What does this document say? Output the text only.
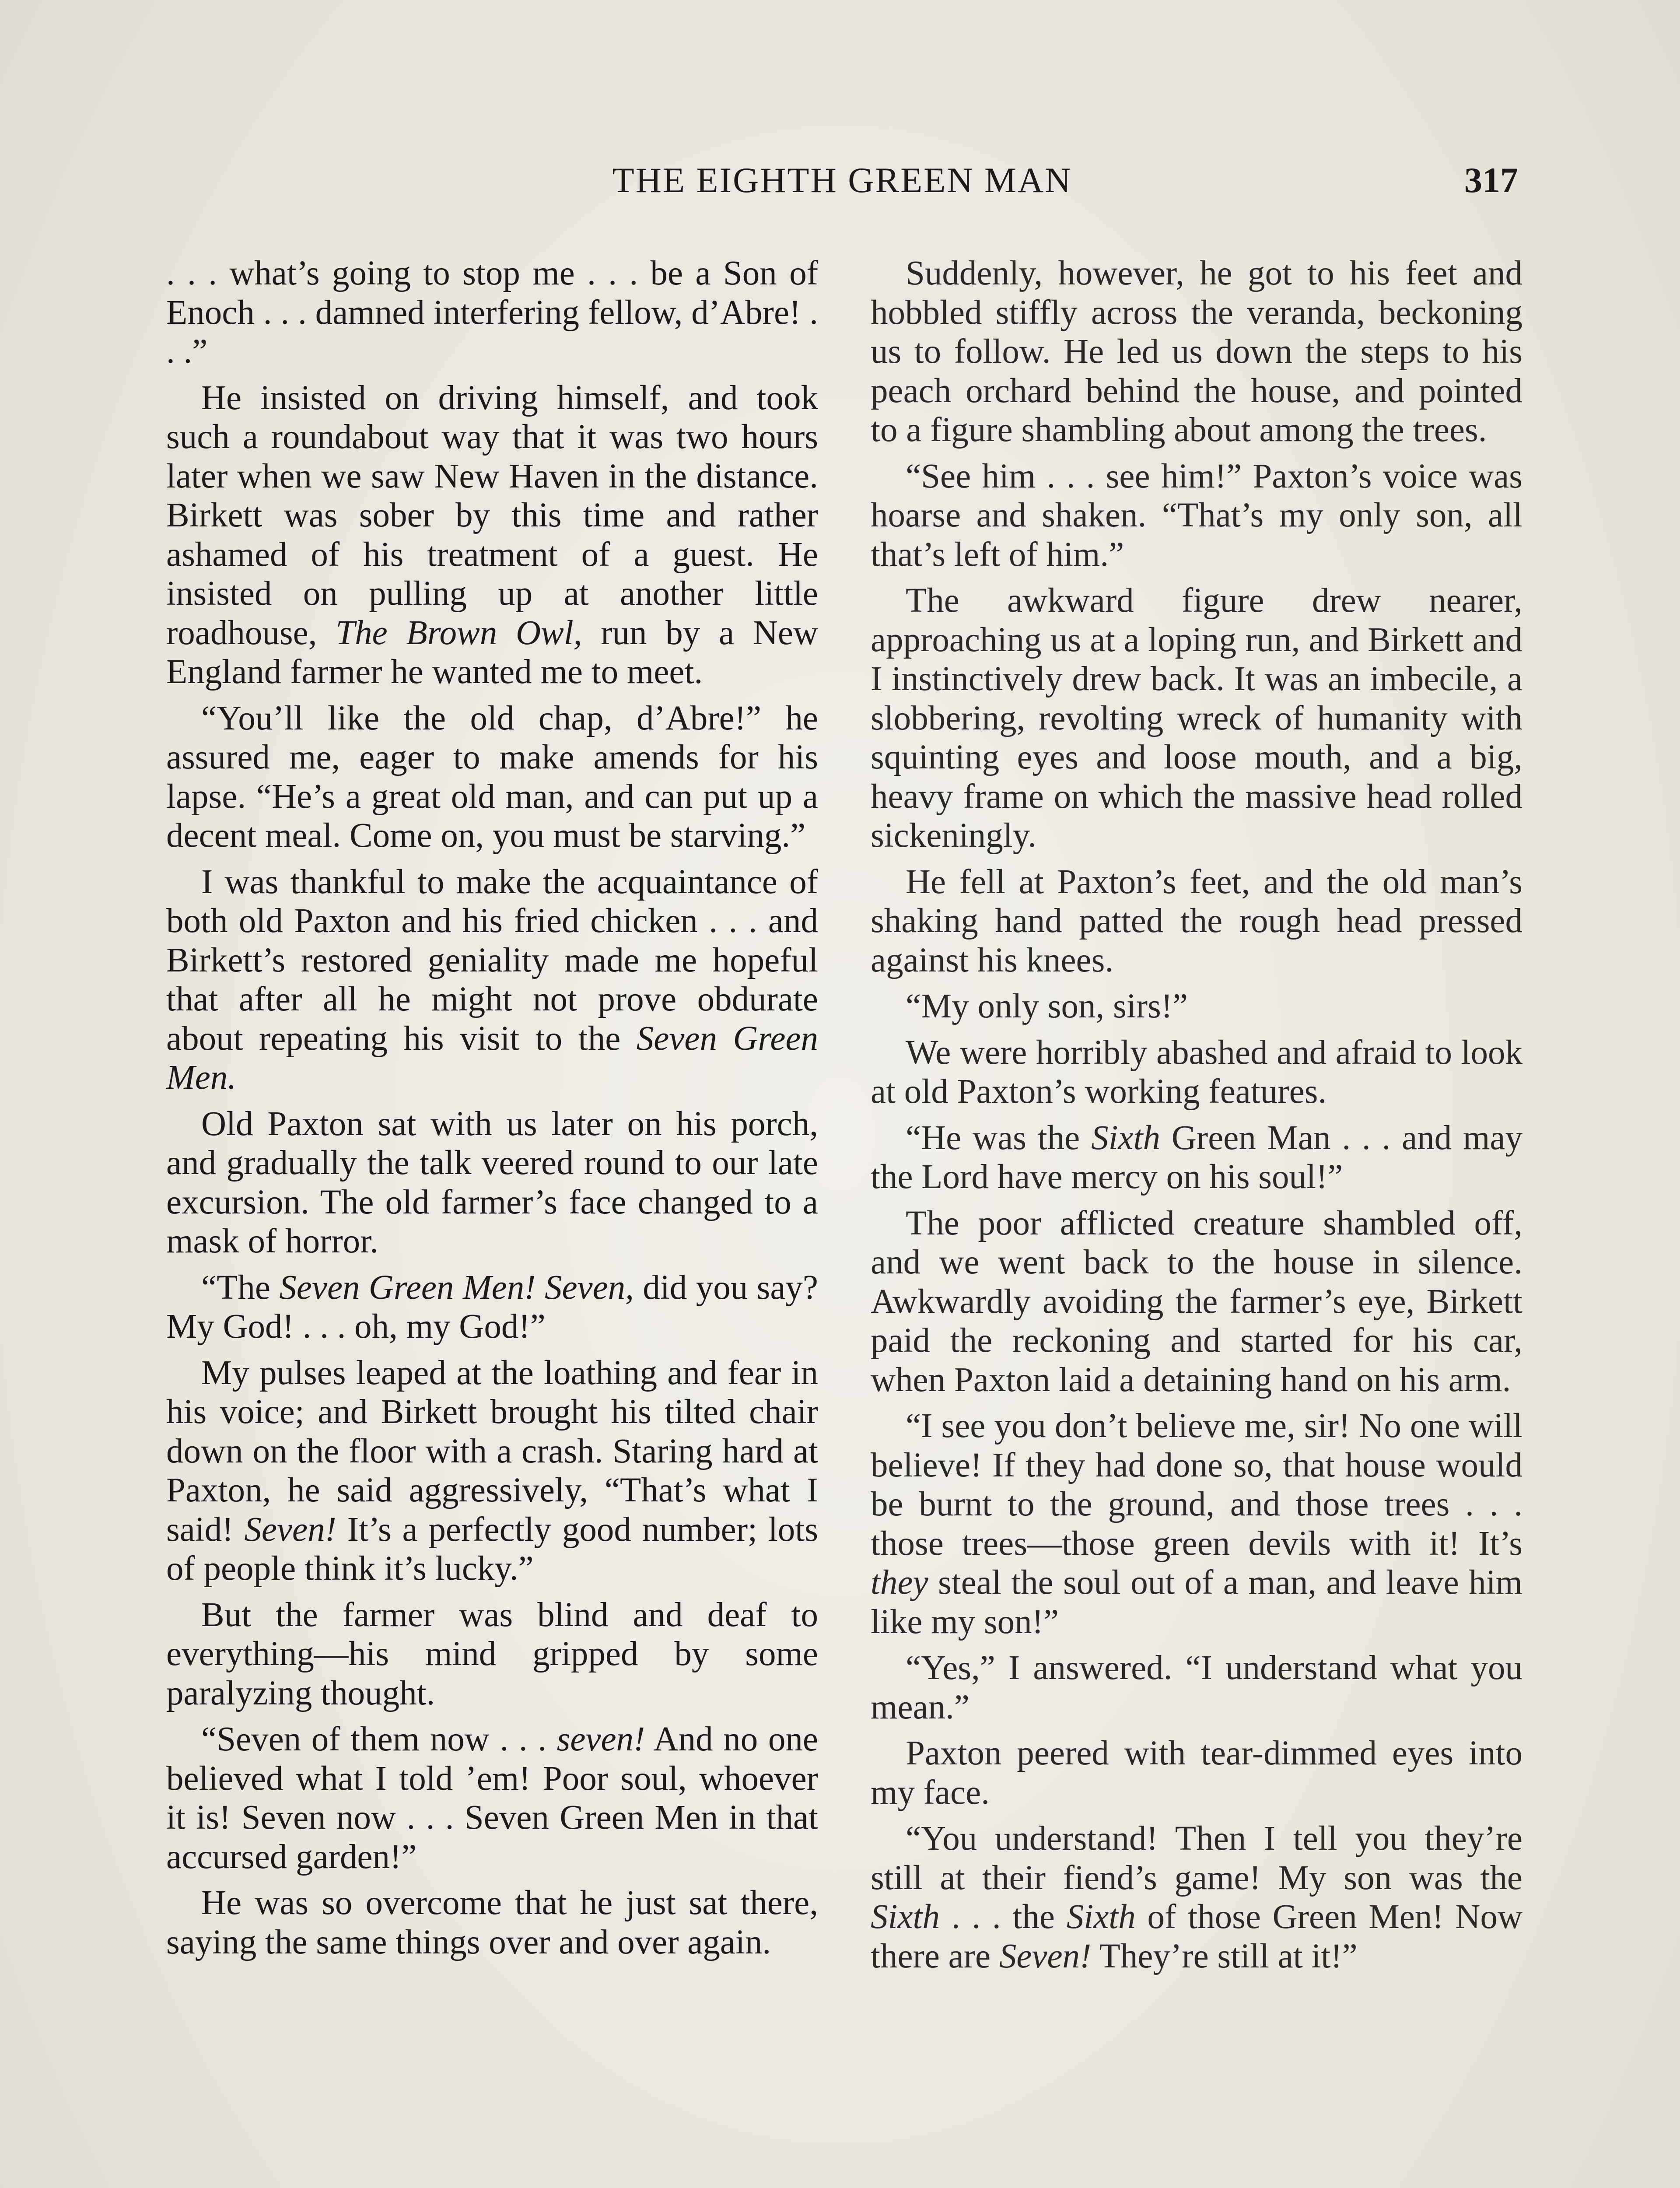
THE EIGHTH GREEN MAN	317

. . . what’s going to stop me . . . be a Son of Enoch . . . damned interfering fellow, d’Abre! . . .”

He insisted on driving himself, and took such a roundabout way that it was two hours later when we saw New Haven in the distance. Birkett was sober by this time and rather ashamed of his treatment of a guest. He insisted on pulling up at another little roadhouse, The Brown Owl, run by a New England farmer he wanted me to meet.

“You’ll like the old chap, d’Abre!” he assured me, eager to make amends for his lapse. “He’s a great old man, and can put up a decent meal. Come on, you must be starving.”

I was thankful to make the acquaintance of both old Paxton and his fried chicken . . . and Birkett’s restored geniality made me hopeful that after all he might not prove obdurate about repeating his visit to the Seven Green Men.

Old Paxton sat with us later on his porch, and gradually the talk veered round to our late excursion. The old farmer’s face changed to a mask of horror.

“The Seven Green Men! Seven, did you say? My God! . . . oh, my God!”

My pulses leaped at the loathing and fear in his voice; and Birkett brought his tilted chair down on the floor with a crash. Staring hard at Paxton, he said aggressively, “That’s what I said! Seven! It’s a perfectly good number; lots of people think it’s lucky.”

But the farmer was blind and deaf to everything—his mind gripped by some paralyzing thought.

“Seven of them now . . . seven! And no one believed what I told ’em! Poor soul, whoever it is! Seven now . . . Seven Green Men in that accursed garden!”

He was so overcome that he just sat there, saying the same things over and over again.

Suddenly, however, he got to his feet and hobbled stiffly across the veranda, beckoning us to follow. He led us down the steps to his peach orchard behind the house, and pointed to a figure shambling about among the trees.

“See him . . . see him!” Paxton’s voice was hoarse and shaken. “That’s my only son, all that’s left of him.”

The awkward figure drew nearer, approaching us at a loping run, and Birkett and I instinctively drew back. It was an imbecile, a slobbering, revolting wreck of humanity with squinting eyes and loose mouth, and a big, heavy frame on which the massive head rolled sickeningly.

He fell at Paxton’s feet, and the old man’s shaking hand patted the rough head pressed against his knees.

“My only son, sirs!”

We were horribly abashed and afraid to look at old Paxton’s working features.

“He was the Sixth Green Man . . . and may the Lord have mercy on his soul!”

The poor afflicted creature shambled off, and we went back to the house in silence. Awkwardly avoiding the farmer’s eye, Birkett paid the reckoning and started for his car, when Paxton laid a detaining hand on his arm.

“I see you don’t believe me, sir! No one will believe! If they had done so, that house would be burnt to the ground, and those trees . . . those trees—those green devils with it! It’s they steal the soul out of a man, and leave him like my son!”

“Yes,” I answered. “I understand what you mean.”

Paxton peered with tear-dimmed eyes into my face.

“You understand! Then I tell you they’re still at their fiend’s game! My son was the Sixth . . . the Sixth of those Green Men! Now there are Seven! They’re still at it!”
